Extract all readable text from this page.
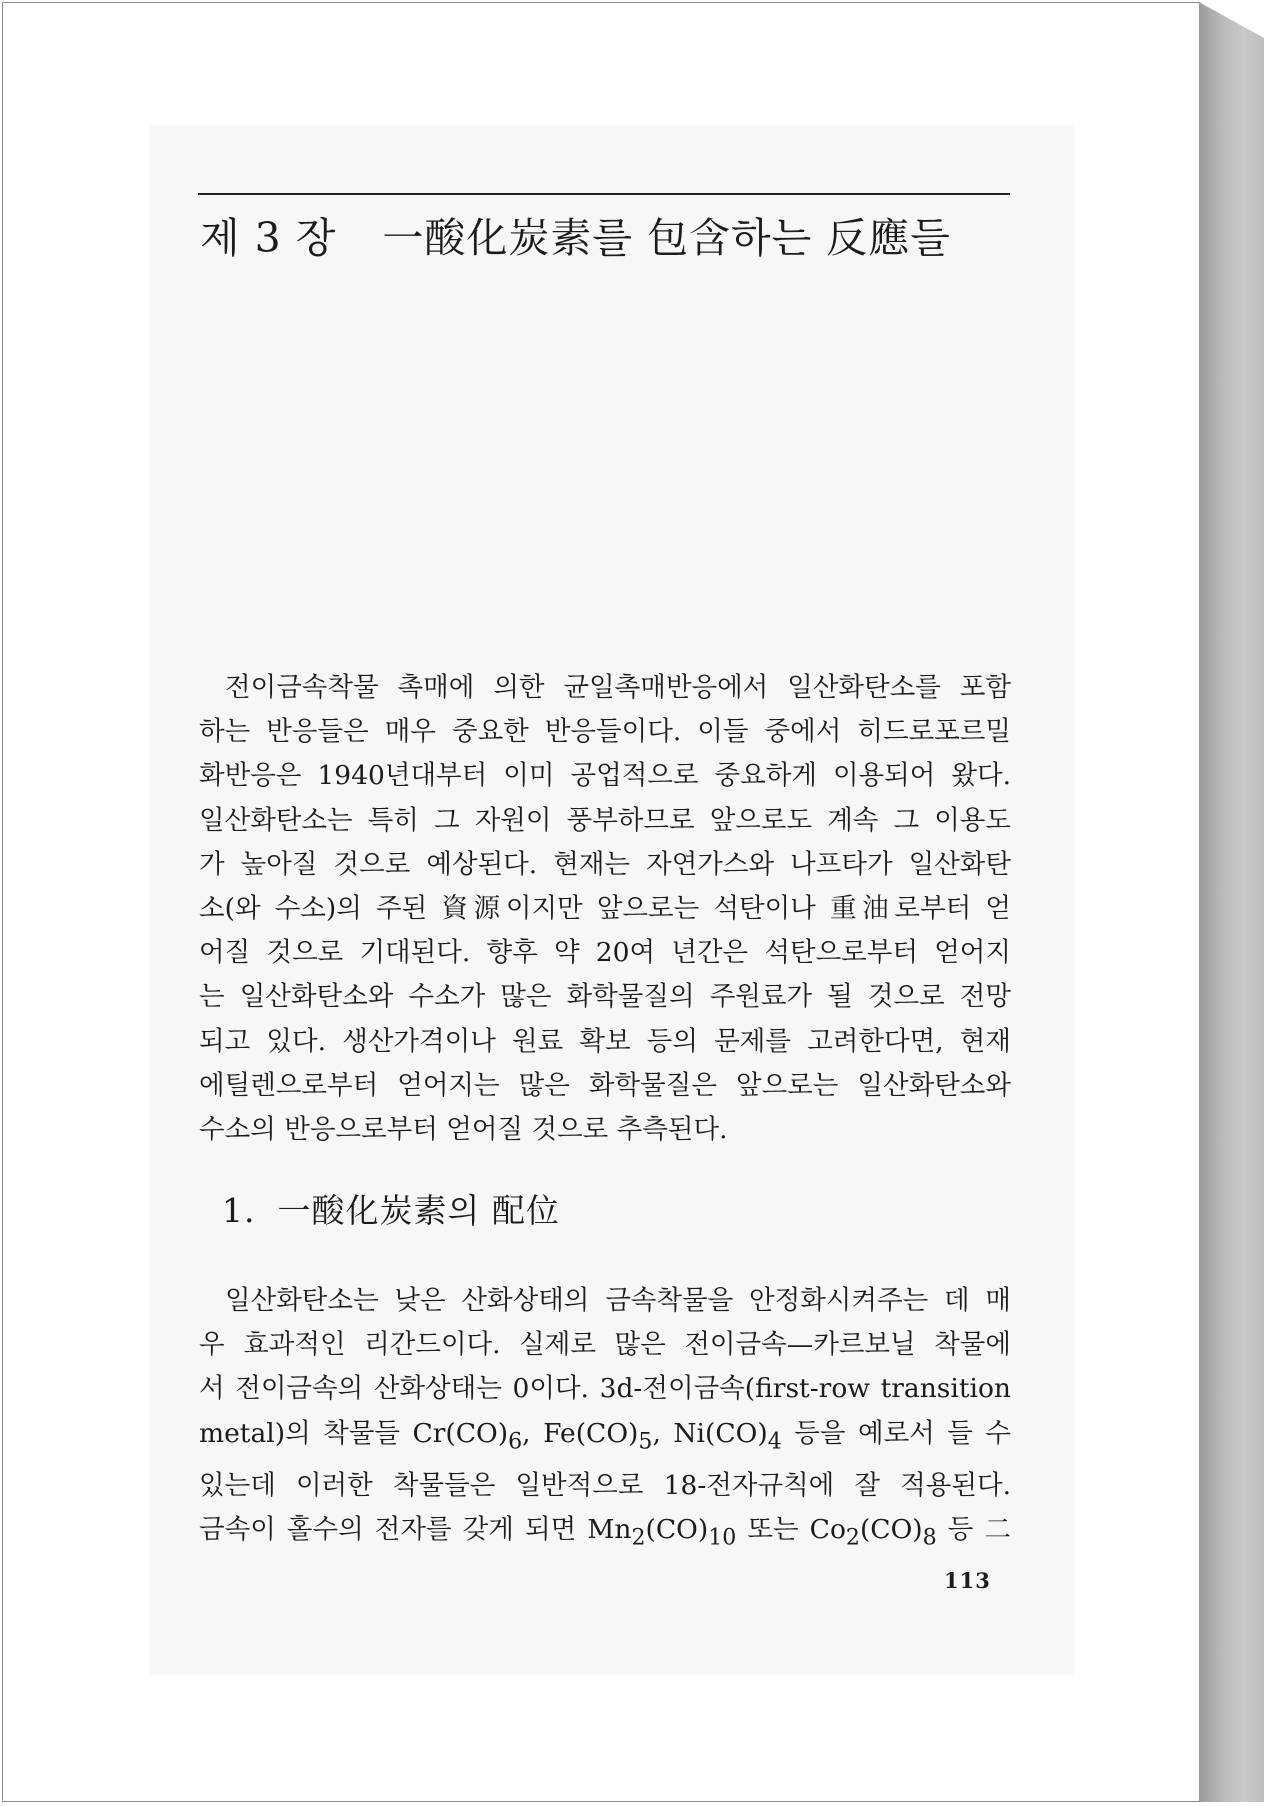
제 3 장 一酸化炭素를 包含하는 反應들

전이금속착물 촉매에 의한 균일촉매반응에서 일산화탄소를 포함
하는 반응들은 매우 중요한 반응들이다. 이들 중에서 히드로포르밀
화반응은 1940년대부터 이미 공업적으로 중요하게 이용되어 왔다.
일산화탄소는 특히 그 자원이 풍부하므로 앞으로도 계속 그 이용도
가 높아질 것으로 예상된다. 현재는 자연가스와 나프타가 일산화탄
소(와 수소)의 주된 資源이지만 앞으로는 석탄이나 重油로부터 얻
어질 것으로 기대된다. 향후 약 20여 년간은 석탄으로부터 얻어지
는 일산화탄소와 수소가 많은 화학물질의 주원료가 될 것으로 전망
되고 있다. 생산가격이나 원료 확보 등의 문제를 고려한다면, 현재
에틸렌으로부터 얻어지는 많은 화학물질은 앞으로는 일산화탄소와
수소의 반응으로부터 얻어질 것으로 추측된다.

1. 一酸化炭素의 配位

일산화탄소는 낮은 산화상태의 금속착물을 안정화시켜주는 데 매
우 효과적인 리간드이다. 실제로 많은 전이금속—카르보닐 착물에
서 전이금속의 산화상태는 0이다. 3d-전이금속(first-row transition
metal)의 착물들 $Cr(CO)_6$, $Fe(CO)_5$, $Ni(CO)_4$ 등을 예로서 들 수
있는데 이러한 착물들은 일반적으로 18-전자규칙에 잘 적용된다.
금속이 홀수의 전자를 갖게 되면 $Mn_2(CO)_{10}$ 또는 $Co_2(CO)_8$ 등 二

113
